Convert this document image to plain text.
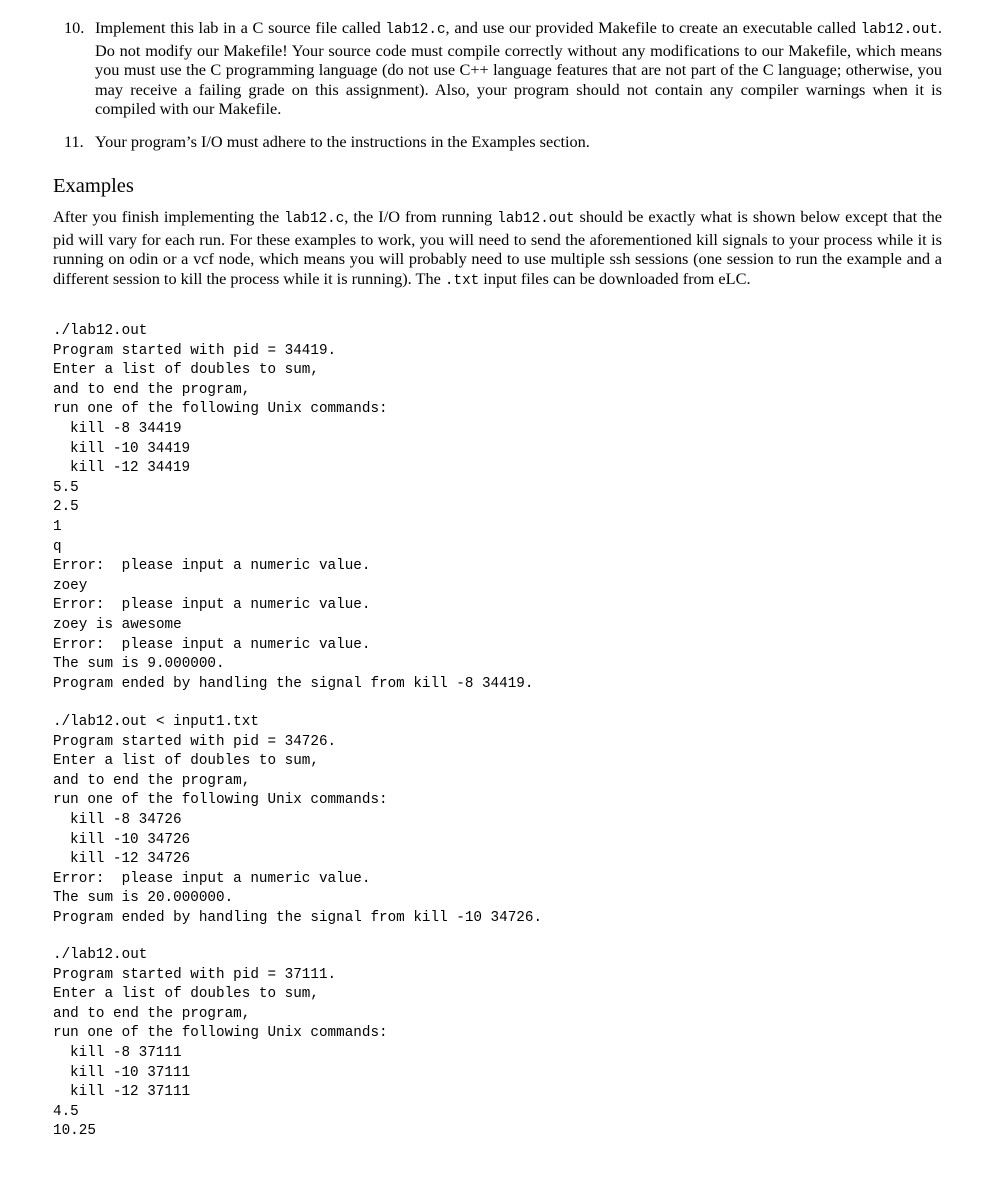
10. Implement this lab in a C source file called lab12.c, and use our provided Makefile to create an executable called lab12.out. Do not modify our Makefile! Your source code must compile correctly without any modifications to our Makefile, which means you must use the C programming language (do not use C++ language features that are not part of the C language; otherwise, you may receive a failing grade on this assignment). Also, your program should not contain any compiler warnings when it is compiled with our Makefile.
11. Your program’s I/O must adhere to the instructions in the Examples section.
Examples

After you finish implementing the lab12.c, the I/O from running lab12.out should be exactly what is shown below except that the pid will vary for each run. For these examples to work, you will need to send the aforementioned kill signals to your process while it is running on odin or a vcf node, which means you will probably need to use multiple ssh sessions (one session to run the example and a different session to kill the process while it is running). The .txt input files can be downloaded from eLC.

./lab12.out
Program started with pid = 34419.
Enter a list of doubles to sum,
and to end the program,
run one of the following Unix commands:
kill -8 34419
kill -10 34419
kill -12 34419
5.5
2.5
1
q
Error:  please input a numeric value.
zoey
Error:  please input a numeric value.
zoey is awesome
Error:  please input a numeric value.
The sum is 9.000000.
Program ended by handling the signal from kill -8 34419.
./lab12.out < input1.txt
Program started with pid = 34726.
Enter a list of doubles to sum,
and to end the program,
run one of the following Unix commands:
kill -8 34726
kill -10 34726
kill -12 34726
Error:  please input a numeric value.
The sum is 20.000000.
Program ended by handling the signal from kill -10 34726.
./lab12.out
Program started with pid = 37111.
Enter a list of doubles to sum,
and to end the program,
run one of the following Unix commands:
kill -8 37111
kill -10 37111
kill -12 37111
4.5
10.25
